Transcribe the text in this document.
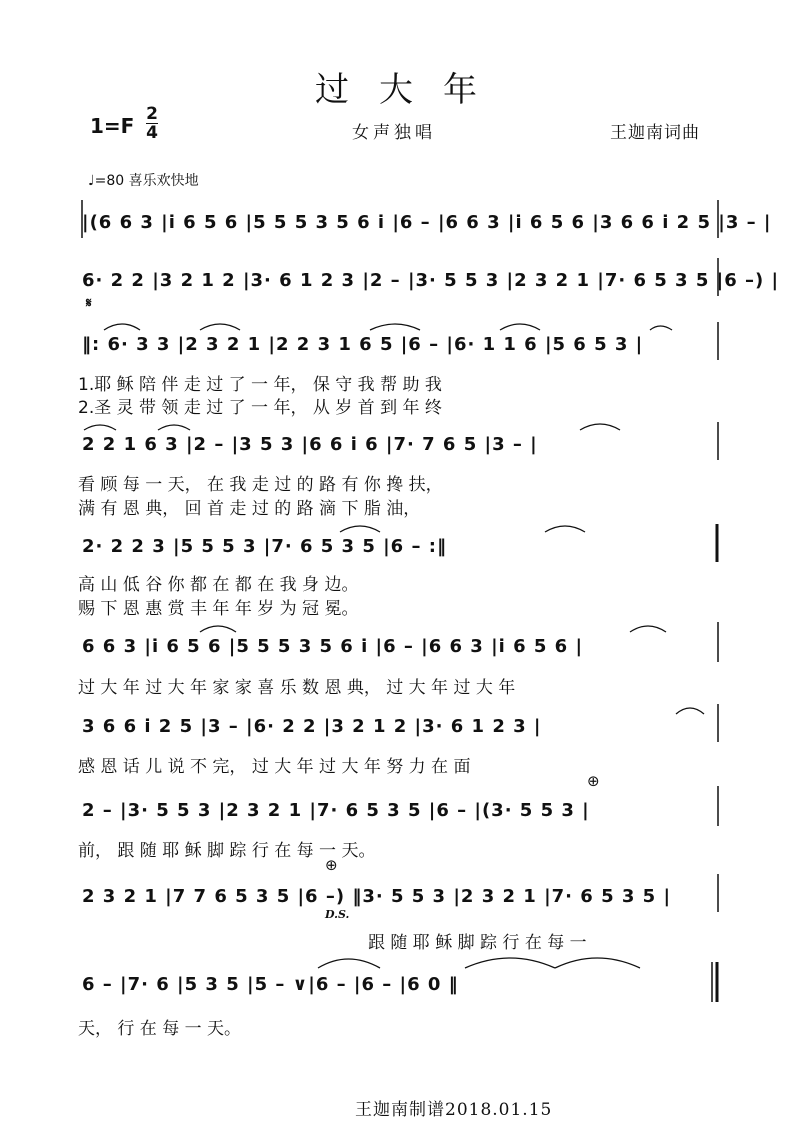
过大年
1=F 2
4	女声独唱	王迦南词曲
♩=80 喜乐欢快地
𝄋
|(6 6 3 |i̇ 6 5 6 |5 5 5 3 5 6 i̇ |6 – |6 6 3 |i̇ 6 5 6 |3 6 6 i̇ 2 5 |3 – |
6· 2 2 |3 2 1 2 |3· 6 1 2 3 |2 – |3· 5 5 3 |2 3 2 1 |7· 6 5 3 5 |6 –) |
‖: 6· 3 3 |2 3 2 1 |2 2 3 1 6 5 |6 – |6· 1 1 6 |5 6 5 3 |
1.耶 稣 陪 伴 走 过 了 一 年， 保 守 我 帮 助 我
2.圣 灵 带 领 走 过 了 一 年， 从 岁 首 到 年 终
2 2 1 6 3 |2 – |3 5 3 |6 6 i̇ 6 |7· 7 6 5 |3 – |
看 顾 每 一 天， 在 我 走 过 的 路 有 你 搀 扶，
满 有 恩 典， 回 首 走 过 的 路 滴 下 脂 油，
2· 2 2 3 |5 5 5 3 |7· 6 5 3 5 |6 – :‖
高 山 低 谷 你 都 在 都 在 我 身 边。
赐 下 恩 惠 赏 丰 年 年 岁 为 冠 冕。
6 6 3 |i̇ 6 5 6 |5 5 5 3 5 6 i̇ |6 – |6 6 3 |i̇ 6 5 6 |
过 大 年 过 大 年 家 家 喜 乐 数 恩 典， 过 大 年 过 大 年
3 6 6 i̇ 2 5 |3 – |6· 2 2 |3 2 1 2 |3· 6 1 2 3 |
感 恩 话 儿 说 不 完， 过 大 年 过 大 年 努 力 在 面
⊕
2 – |3· 5 5 3 |2 3 2 1 |7· 6 5 3 5 |6 – |(3· 5 5 3 |
前， 跟 随 耶 稣 脚 踪 行 在 每 一 天。
⊕
2 3 2 1 |7 7 6 5 3 5 |6 –) ‖3· 5 5 3 |2 3 2 1 |7· 6 5 3 5 |
D.S.
跟 随 耶 稣 脚 踪 行 在 每 一
6 – |7· 6 |5 3 5 |5 – ∨|6 – |6 – |6 0 ‖
天， 行 在 每 一 天。
王迦南制谱2018.01.15
